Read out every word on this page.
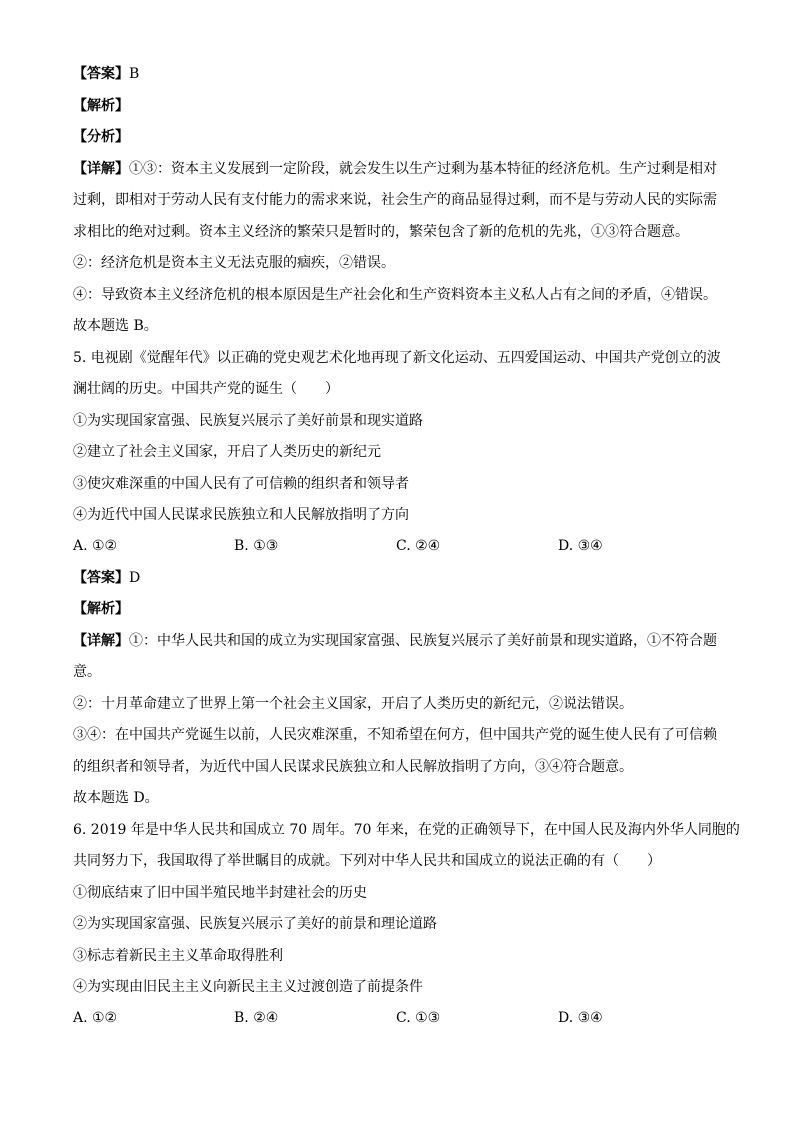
【答案】B
【解析】
【分析】
【详解】①③：资本主义发展到一定阶段，就会发生以生产过剩为基本特征的经济危机。生产过剩是相对
过剩，即相对于劳动人民有支付能力的需求来说，社会生产的商品显得过剩，而不是与劳动人民的实际需
求相比的绝对过剩。资本主义经济的繁荣只是暂时的，繁荣包含了新的危机的先兆，①③符合题意。
②：经济危机是资本主义无法克服的痼疾，②错误。
④：导致资本主义经济危机的根本原因是生产社会化和生产资料资本主义私人占有之间的矛盾，④错误。
故本题选 B。
5. 电视剧《觉醒年代》以正确的党史观艺术化地再现了新文化运动、五四爱国运动、中国共产党创立的波
澜壮阔的历史。中国共产党的诞生（　　）
①为实现国家富强、民族复兴展示了美好前景和现实道路
②建立了社会主义国家，开启了人类历史的新纪元
③使灾难深重的中国人民有了可信赖的组织者和领导者
④为近代中国人民谋求民族独立和人民解放指明了方向
A. ①②	B. ①③	C. ②④	D. ③④
【答案】D
【解析】
【详解】①：中华人民共和国的成立为实现国家富强、民族复兴展示了美好前景和现实道路，①不符合题
意。
②：十月革命建立了世界上第一个社会主义国家，开启了人类历史的新纪元，②说法错误。
③④：在中国共产党诞生以前，人民灾难深重，不知希望在何方，但中国共产党的诞生使人民有了可信赖
的组织者和领导者，为近代中国人民谋求民族独立和人民解放指明了方向，③④符合题意。
故本题选 D。
6. 2019 年是中华人民共和国成立 70 周年。70 年来，在党的正确领导下，在中国人民及海内外华人同胞的
共同努力下，我国取得了举世瞩目的成就。下列对中华人民共和国成立的说法正确的有（　　）
①彻底结束了旧中国半殖民地半封建社会的历史
②为实现国家富强、民族复兴展示了美好的前景和理论道路
③标志着新民主主义革命取得胜利
④为实现由旧民主主义向新民主主义过渡创造了前提条件
A. ①②	B. ②④	C. ①③	D. ③④
